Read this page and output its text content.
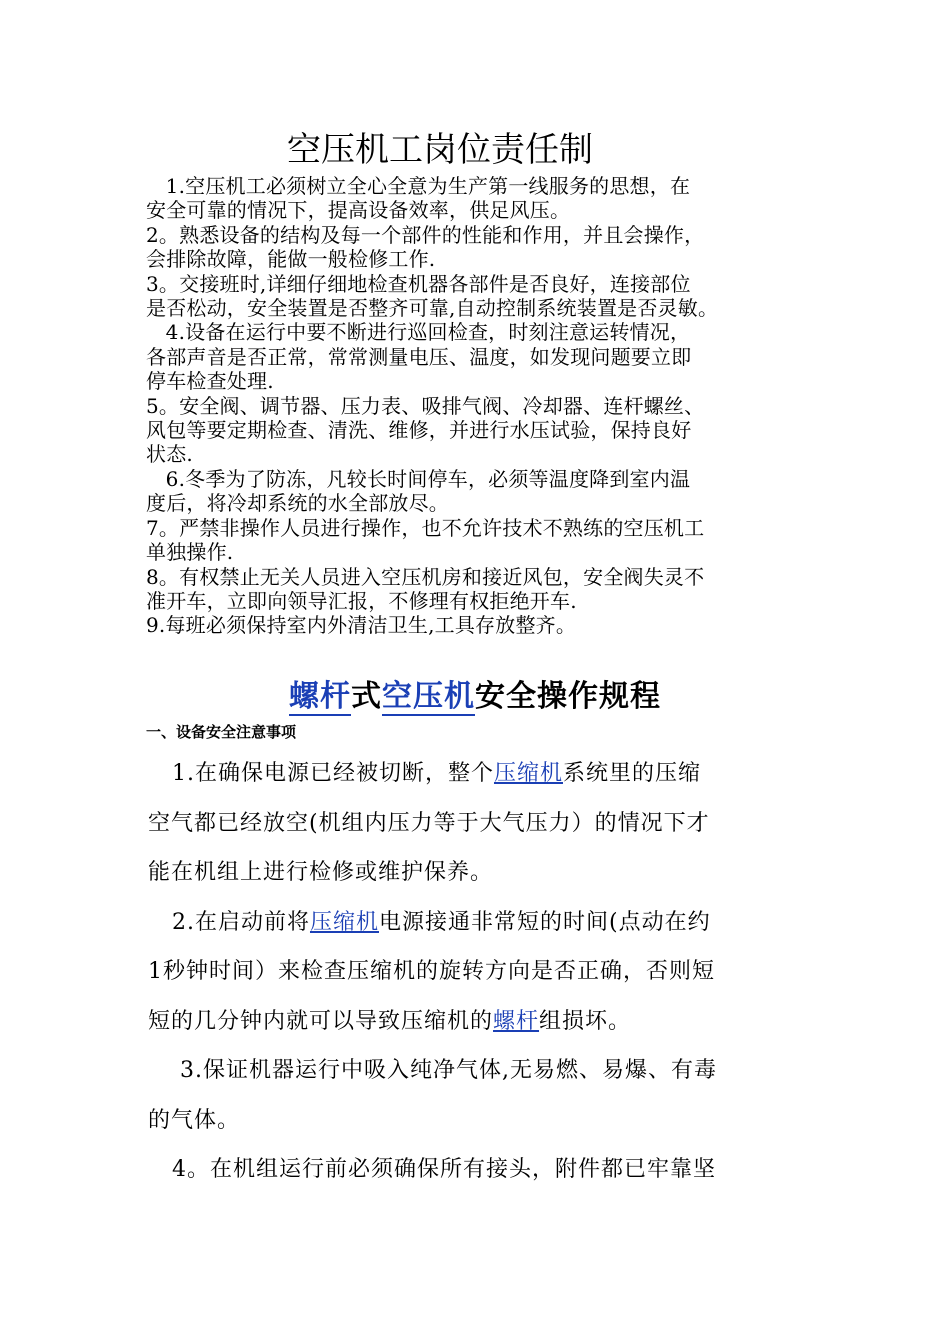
空压机工岗位责任制

1.空压机工必须树立全心全意为生产第一线服务的思想，在

安全可靠的情况下，提高设备效率，供足风压。

2。熟悉设备的结构及每一个部件的性能和作用，并且会操作，

会排除故障，能做一般检修工作.

3。交接班时,详细仔细地检查机器各部件是否良好，连接部位

是否松动，安全装置是否整齐可靠,自动控制系统装置是否灵敏。

4.设备在运行中要不断进行巡回检查，时刻注意运转情况，

各部声音是否正常，常常测量电压、温度，如发现问题要立即

停车检查处理.

5。安全阀、调节器、压力表、吸排气阀、冷却器、连杆螺丝、

风包等要定期检查、清洗、维修，并进行水压试验，保持良好

状态.

6.冬季为了防冻，凡较长时间停车，必须等温度降到室内温

度后，将冷却系统的水全部放尽。

7。严禁非操作人员进行操作，也不允许技术不熟练的空压机工

单独操作.

8。有权禁止无关人员进入空压机房和接近风包，安全阀失灵不

准开车，立即向领导汇报，不修理有权拒绝开车.

9.每班必须保持室内外清洁卫生,工具存放整齐。

螺杆式空压机安全操作规程
一、设备安全注意事项

1.在确保电源已经被切断，整个压缩机系统里的压缩

空气都已经放空(机组内压力等于大气压力）的情况下才

能在机组上进行检修或维护保养。

2.在启动前将压缩机电源接通非常短的时间(点动在约

1秒钟时间）来检查压缩机的旋转方向是否正确，否则短

短的几分钟内就可以导致压缩机的螺杆组损坏。

3.保证机器运行中吸入纯净气体,无易燃、易爆、有毒

的气体。

4。在机组运行前必须确保所有接头，附件都已牢靠坚
